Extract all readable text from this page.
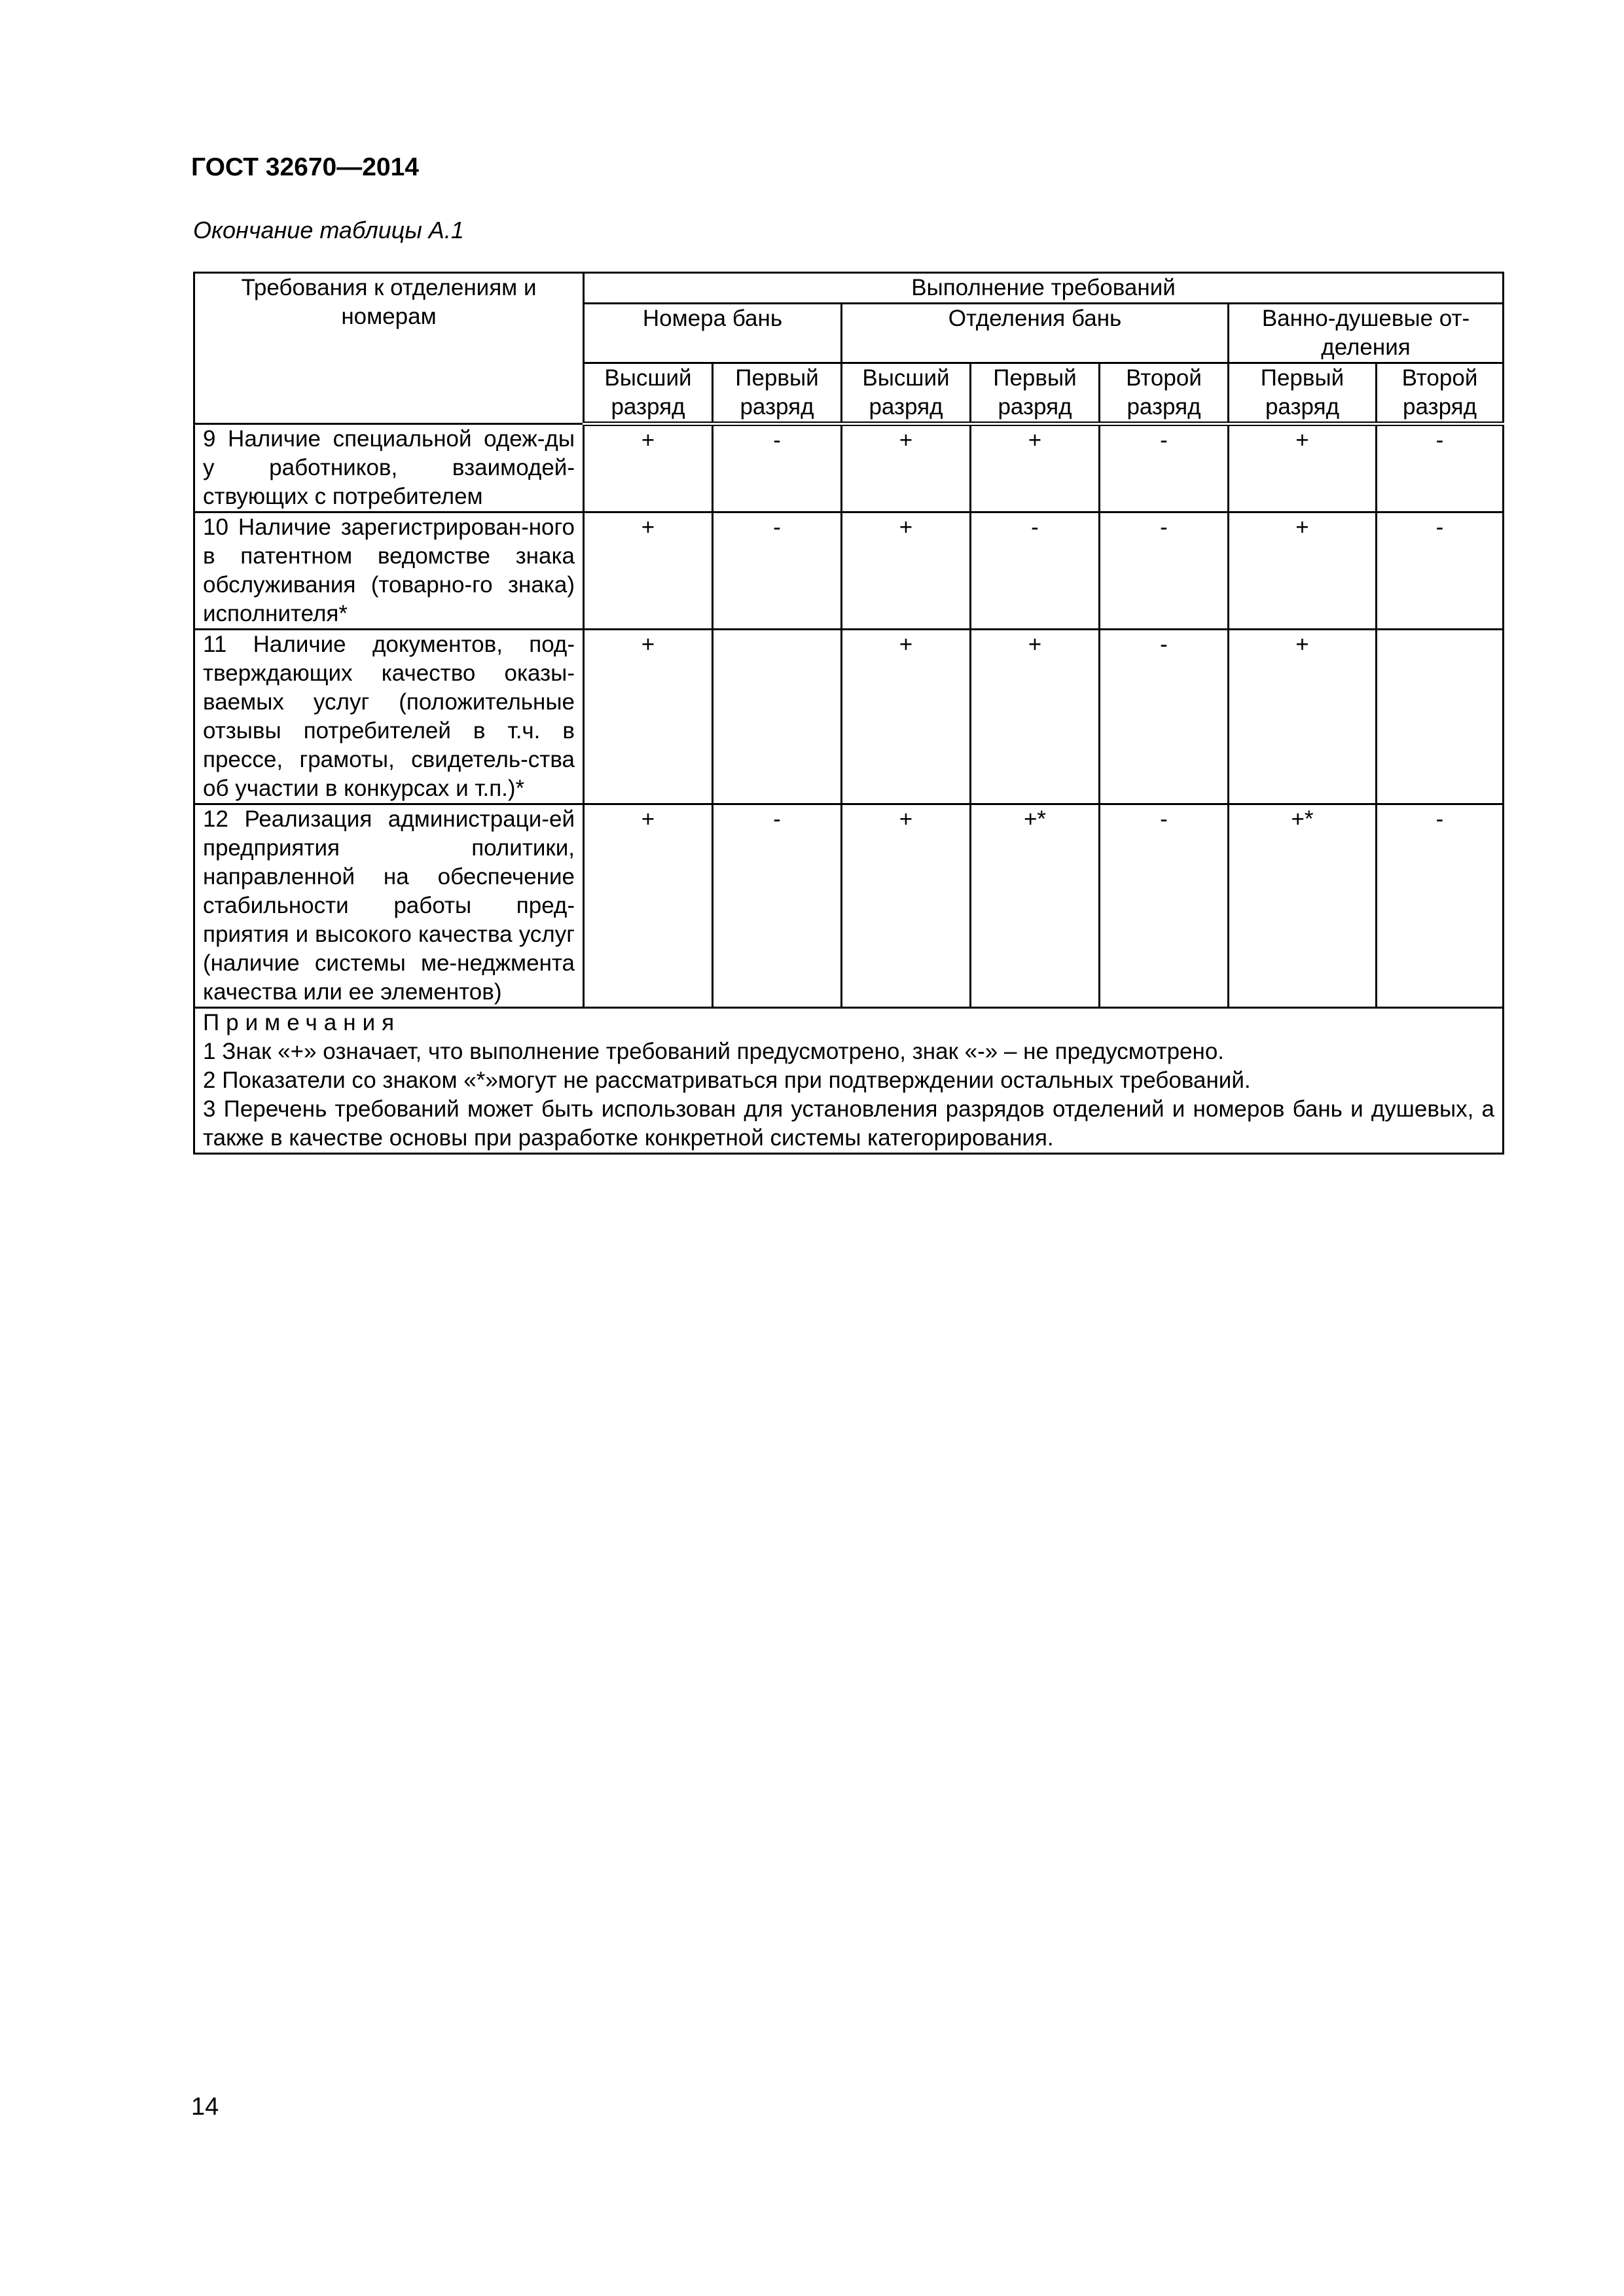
ГОСТ 32670—2014
Окончание таблицы А.1
Требования к отделениям и номерам	Выполнение требований						
	Номера бань		Отделения бань			Ванно-душевые от-деления	
	Высший разряд	Первый разряд	Высший разряд	Первый разряд	Второй разряд	Первый разряд	Второй разряд
9 Наличие специальной одеж-ды у работников, взаимодей-ствующих с потребителем	+	-	+	+	-	+	-
10 Наличие зарегистрирован-ного в патентном ведомстве знака обслуживания (товарно-го знака) исполнителя*	+	-	+	-	-	+	-
11 Наличие документов, под-тверждающих качество оказы-ваемых услуг (положительные отзывы потребителей в т.ч. в прессе, грамоты, свидетель-ства об участии в конкурсах и т.п.)*	+		+	+	-	+	
12 Реализация администраци-ей предприятия политики, направленной на обеспечение стабильности работы пред-приятия и высокого качества услуг (наличие системы ме-неджмента качества или ее элементов)	+	-	+	+*	-	+*	-

Примечания
1 Знак «+» означает, что выполнение требований предусмотрено, знак «-» – не предусмотрено.
2 Показатели со знаком «*»могут не рассматриваться при подтверждении остальных требований.
3 Перечень требований может быть использован для установления разрядов отделений и номеров бань и душевых, а также в качестве основы при разработке конкретной системы категорирования.							
14
